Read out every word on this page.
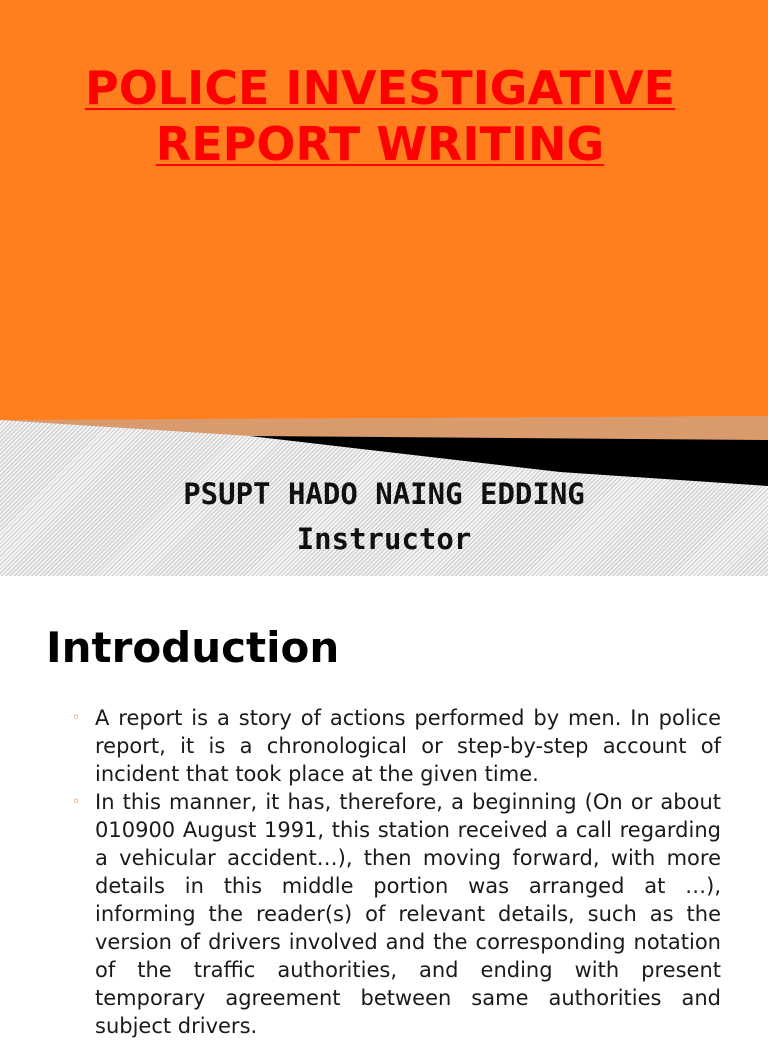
POLICE INVESTIGATIVE
REPORT WRITING
PSUPT HADO NAING EDDING
Instructor
Introduction
◦ A report is a story of actions performed by men. In police report, it is a chronological or step-by-step account of incident that took place at the given time.
◦ In this manner, it has, therefore, a beginning (On or about 010900 August 1991, this station received a call regarding a vehicular accident…), then moving forward, with more details in this middle portion was arranged at …), informing the reader(s) of relevant details, such as the version of drivers involved and the corresponding notation of the traffic authorities, and ending with present temporary agreement between same authorities and subject drivers.
